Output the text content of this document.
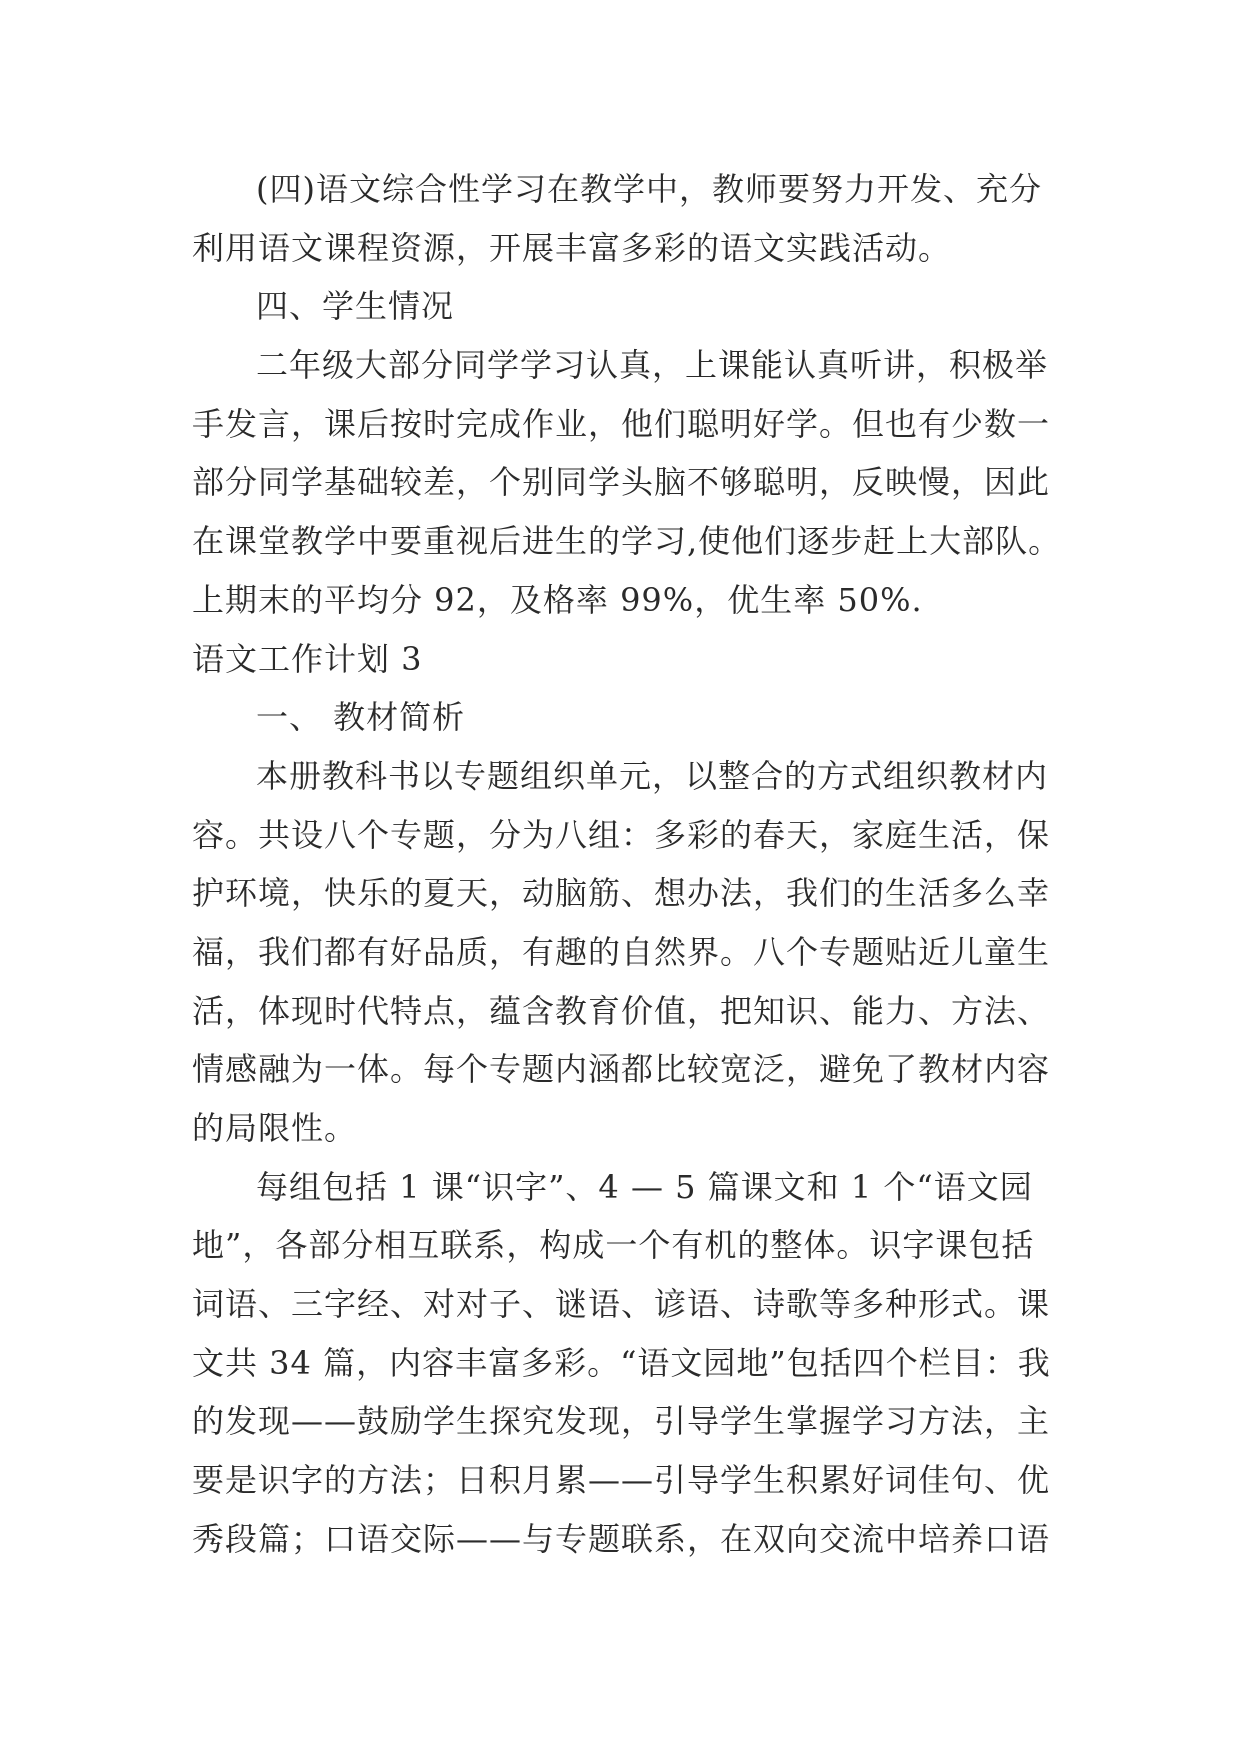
(四)语文综合性学习在教学中，教师要努力开发、充分
利用语文课程资源，开展丰富多彩的语文实践活动。
四、学生情况
二年级大部分同学学习认真，上课能认真听讲，积极举
手发言，课后按时完成作业，他们聪明好学。但也有少数一
部分同学基础较差，个别同学头脑不够聪明，反映慢，因此
在课堂教学中要重视后进生的学习,使他们逐步赶上大部队。
上期末的平均分 92，及格率 99%，优生率 50%.
语文工作计划 3
一、 教材简析
本册教科书以专题组织单元，以整合的方式组织教材内
容。共设八个专题，分为八组：多彩的春天，家庭生活，保
护环境，快乐的夏天，动脑筋、想办法，我们的生活多么幸
福，我们都有好品质，有趣的自然界。八个专题贴近儿童生
活，体现时代特点，蕴含教育价值，把知识、能力、方法、
情感融为一体。每个专题内涵都比较宽泛，避免了教材内容
的局限性。
每组包括 1 课“识字”、4 — 5 篇课文和 1 个“语文园
地”，各部分相互联系，构成一个有机的整体。识字课包括
词语、三字经、对对子、谜语、谚语、诗歌等多种形式。课
文共 34 篇，内容丰富多彩。“语文园地”包括四个栏目：我
的发现——鼓励学生探究发现，引导学生掌握学习方法，主
要是识字的方法；日积月累——引导学生积累好词佳句、优
秀段篇；口语交际——与专题联系，在双向交流中培养口语
